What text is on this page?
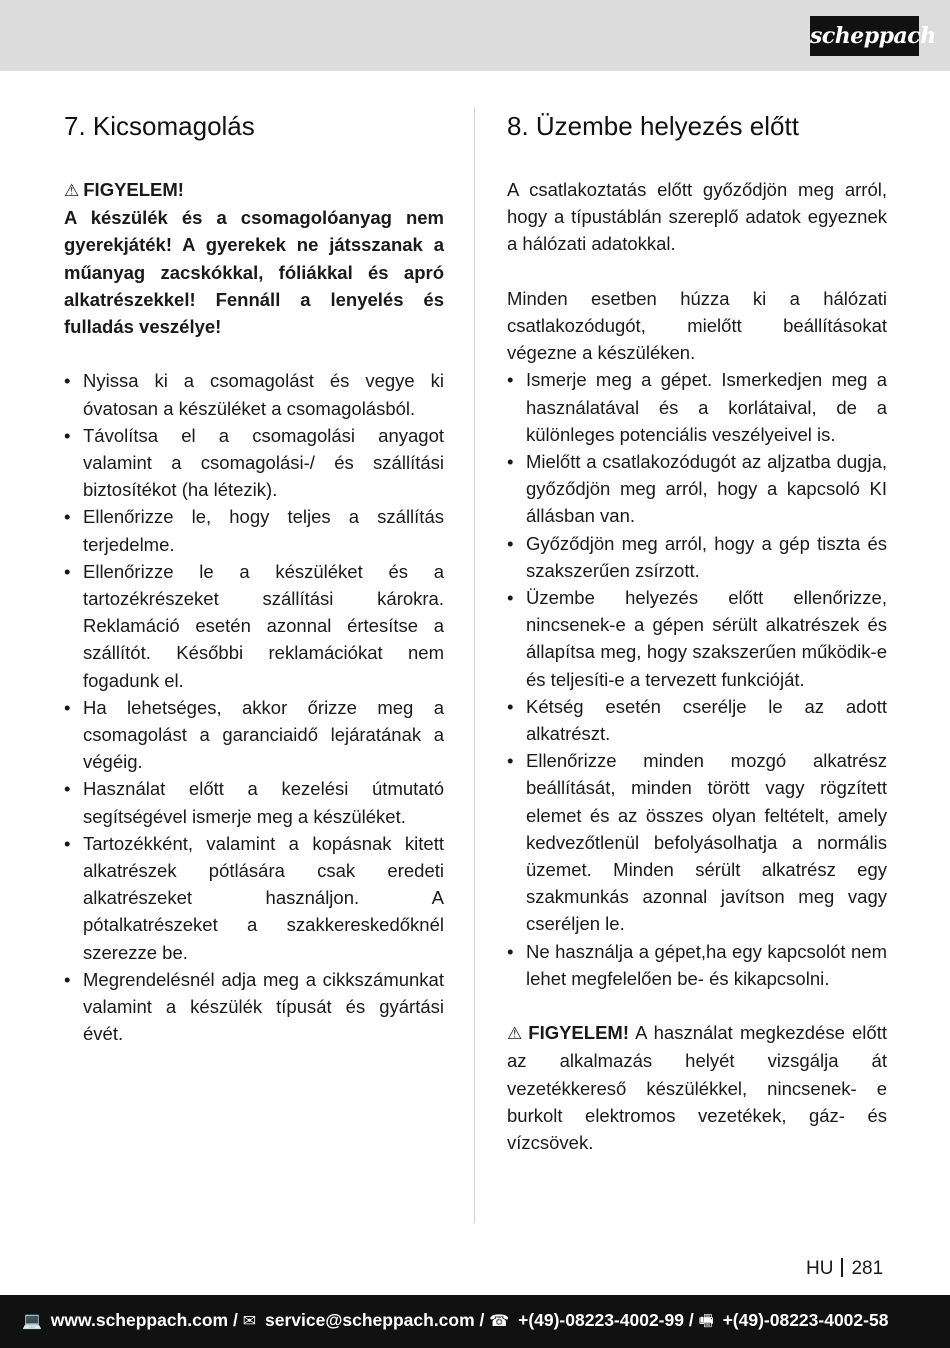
scheppach
7. Kicsomagolás

⚠ FIGYELEM!

A készülék és a csomagolóanyag nem gyerekjáték! A gyerekek ne játsszanak a műanyag zacskókkal, fóliákkal és apró alkatrészekkel! Fennáll a lenyelés és fulladás veszélye!

• Nyissa ki a csomagolást és vegye ki óvatosan a készüléket a csomagolásból.
• Távolítsa el a csomagolási anyagot valamint a csomagolási-/ és szállítási biztosítékot (ha létezik).
• Ellenőrizze le, hogy teljes a szállítás terjedelme.
• Ellenőrizze le a készüléket és a tartozékrészeket szállítási károkra. Reklamáció esetén azonnal értesítse a szállítót. Későbbi reklamációkat nem fogadunk el.
• Ha lehetséges, akkor őrizze meg a csomagolást a garanciaidő lejáratának a végéig.
• Használat előtt a kezelési útmutató segítségével ismerje meg a készüléket.
• Tartozékként, valamint a kopásnak kitett alkatrészek pótlására csak eredeti alkatrészeket használjon. A pótalkatrészeket a szakkereskedőknél szerezze be.
• Megrendelésnél adja meg a cikkszámunkat valamint a készülék típusát és gyártási évét.
8. Üzembe helyezés előtt

A csatlakoztatás előtt győződjön meg arról, hogy a típustáblán szereplő adatok egyeznek a hálózati adatokkal.

Minden esetben húzza ki a hálózati csatlakozódugót, mielőtt beállításokat végezne a készüléken.

• Ismerje meg a gépet. Ismerkedjen meg a használatával és a korlátaival, de a különleges potenciális veszélyeivel is.
• Mielőtt a csatlakozódugót az aljzatba dugja, győződjön meg arról, hogy a kapcsoló KI állásban van.
• Győződjön meg arról, hogy a gép tiszta és szakszerűen zsírzott.
• Üzembe helyezés előtt ellenőrizze, nincsenek-e a gépen sérült alkatrészek és állapítsa meg, hogy szakszerűen működik-e és teljesíti-e a tervezett funkcióját.
• Kétség esetén cserélje le az adott alkatrészt.
• Ellenőrizze minden mozgó alkatrész beállítását, minden törött vagy rögzített elemet és az összes olyan feltételt, amely kedvezőtlenül befolyásolhatja a normális üzemet. Minden sérült alkatrész egy szakmunkás azonnal javítson meg vagy cseréljen le.
• Ne használja a gépet,ha egy kapcsolót nem lehet megfelelően be- és kikapcsolni.

⚠ FIGYELEM! A használat megkezdése előtt az alkalmazás helyét vizsgálja át vezetékkereső készülékkel, nincsenek- e burkolt elektromos vezetékek, gáz- és vízcsövek.

HU 281
💻 www.scheppach.com / ✉ service@scheppach.com / ☎ +(49)-08223-4002-99 / 🖷 +(49)-08223-4002-58
